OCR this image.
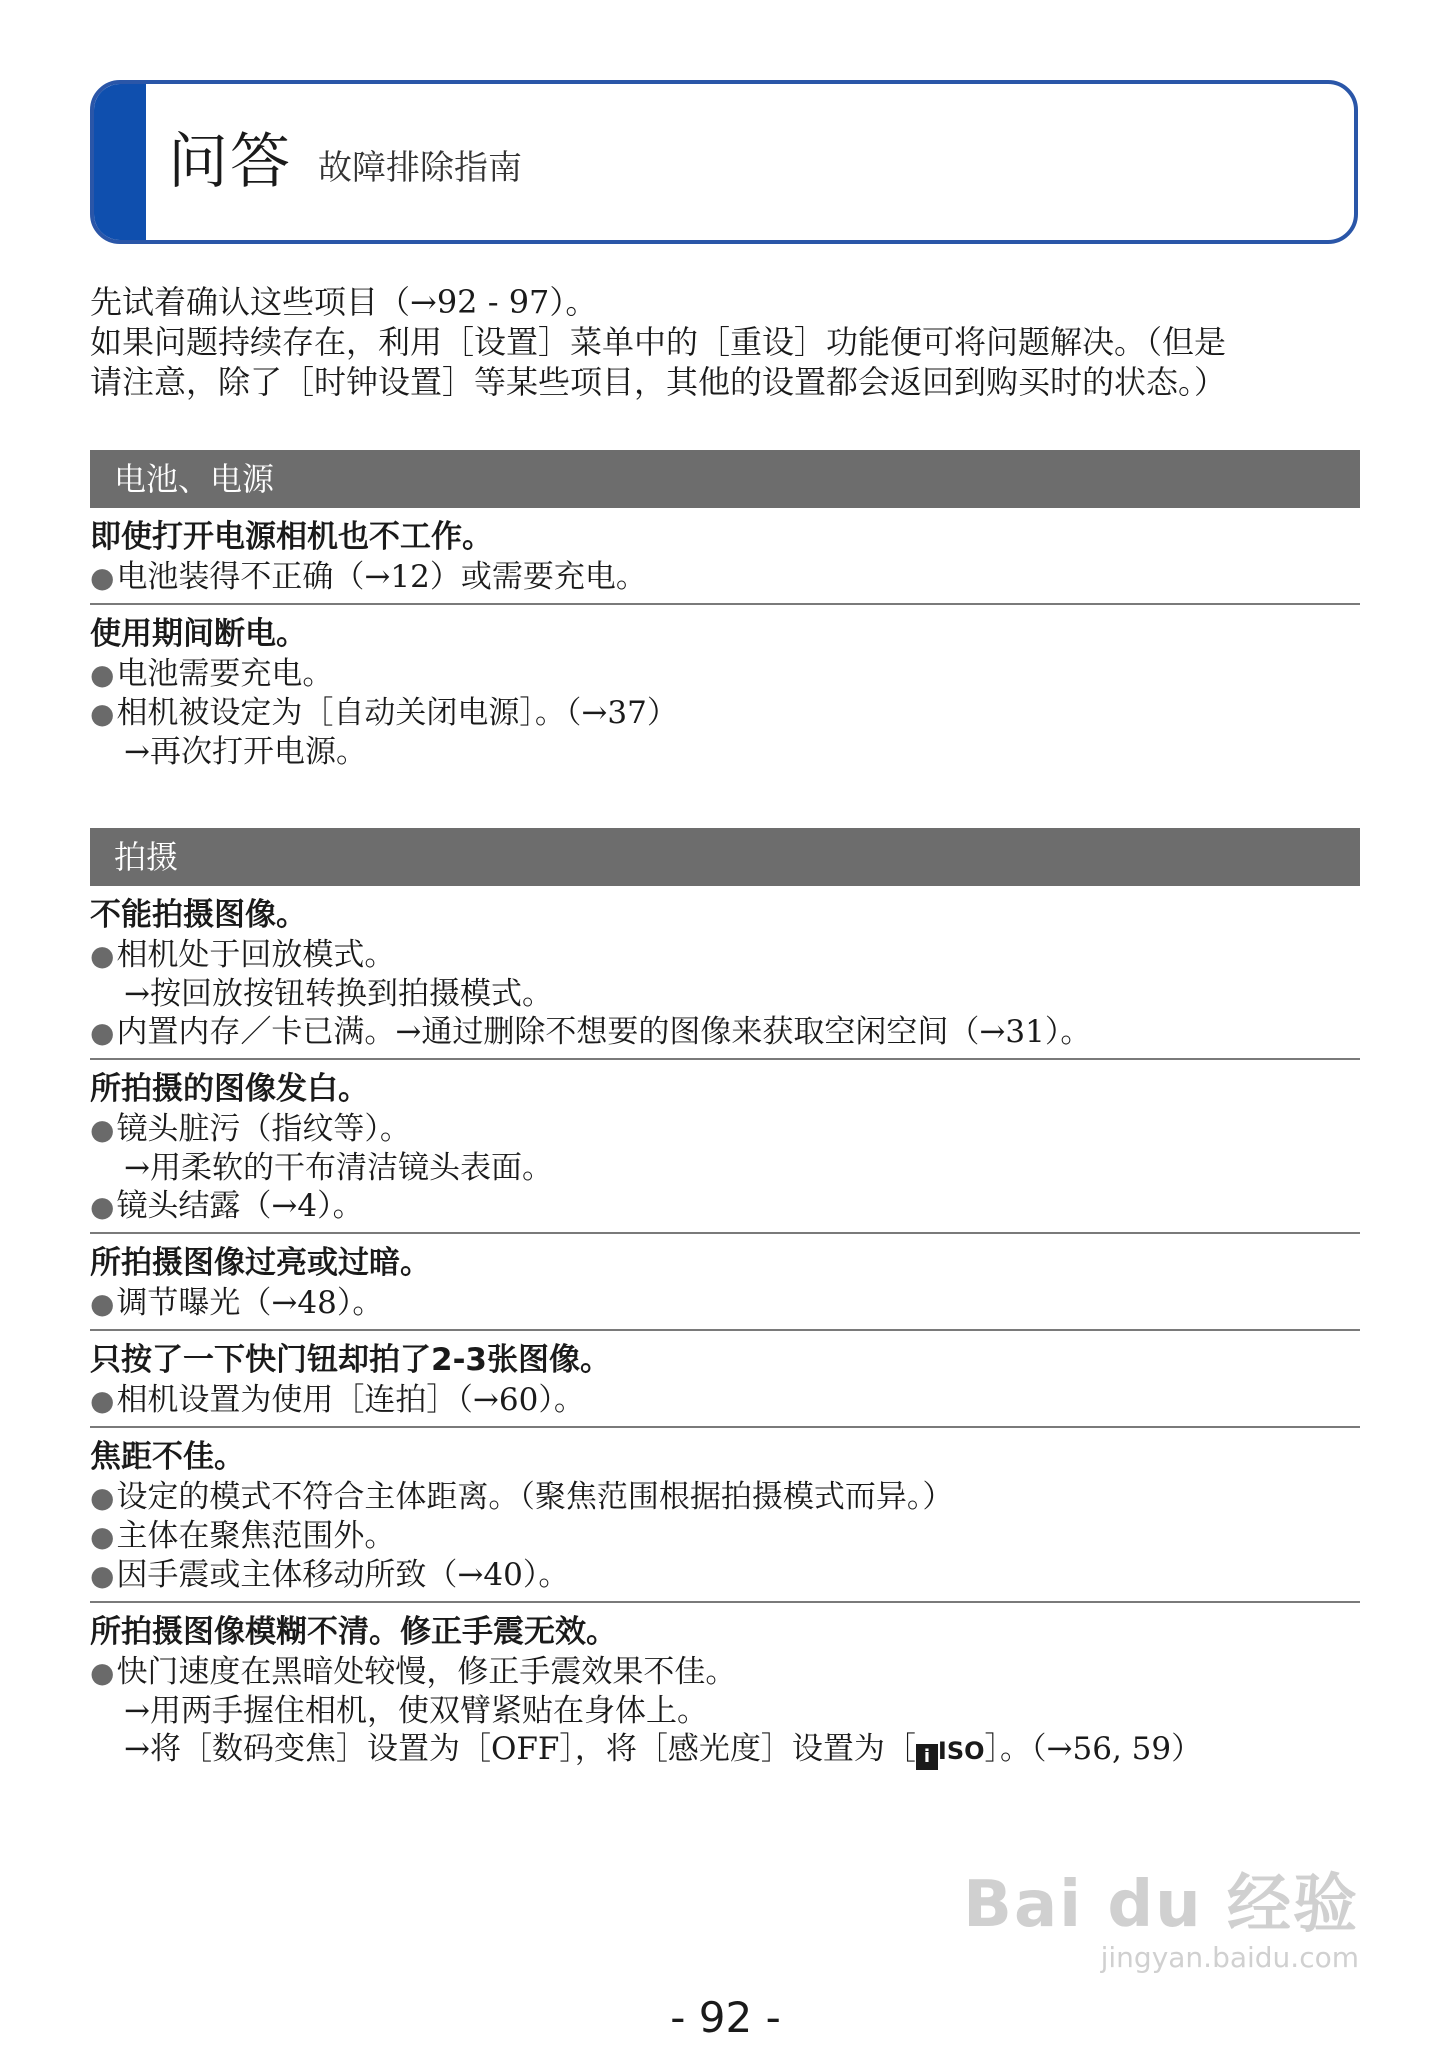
问答 故障排除指南
先试着确认这些项目（→92 - 97）。
如果问题持续存在，利用［设置］菜单中的［重设］功能便可将问题解决。（但是
请注意，除了［时钟设置］等某些项目，其他的设置都会返回到购买时的状态。）
电池、电源
即使打开电源相机也不工作。
●电池装得不正确（→12）或需要充电。
使用期间断电。
●电池需要充电。
●相机被设定为［自动关闭电源］。（→37）
→再次打开电源。
拍摄
不能拍摄图像。
●相机处于回放模式。
→按回放按钮转换到拍摄模式。
●内置内存／卡已满。→通过删除不想要的图像来获取空闲空间（→31）。
所拍摄的图像发白。
●镜头脏污（指纹等）。
→用柔软的干布清洁镜头表面。
●镜头结露（→4）。
所拍摄图像过亮或过暗。
●调节曝光（→48）。
只按了一下快门钮却拍了2-3张图像。
●相机设置为使用［连拍］（→60）。
焦距不佳。
●设定的模式不符合主体距离。（聚焦范围根据拍摄模式而异。）
●主体在聚焦范围外。
●因手震或主体移动所致（→40）。
所拍摄图像模糊不清。修正手震无效。
●快门速度在黑暗处较慢，修正手震效果不佳。
→用两手握住相机，使双臂紧贴在身体上。
→将［数码变焦］设置为［OFF］，将［感光度］设置为［ i ISO］。（→56, 59）
Bai du 经验
jingyan.baidu.com
- 92 -
